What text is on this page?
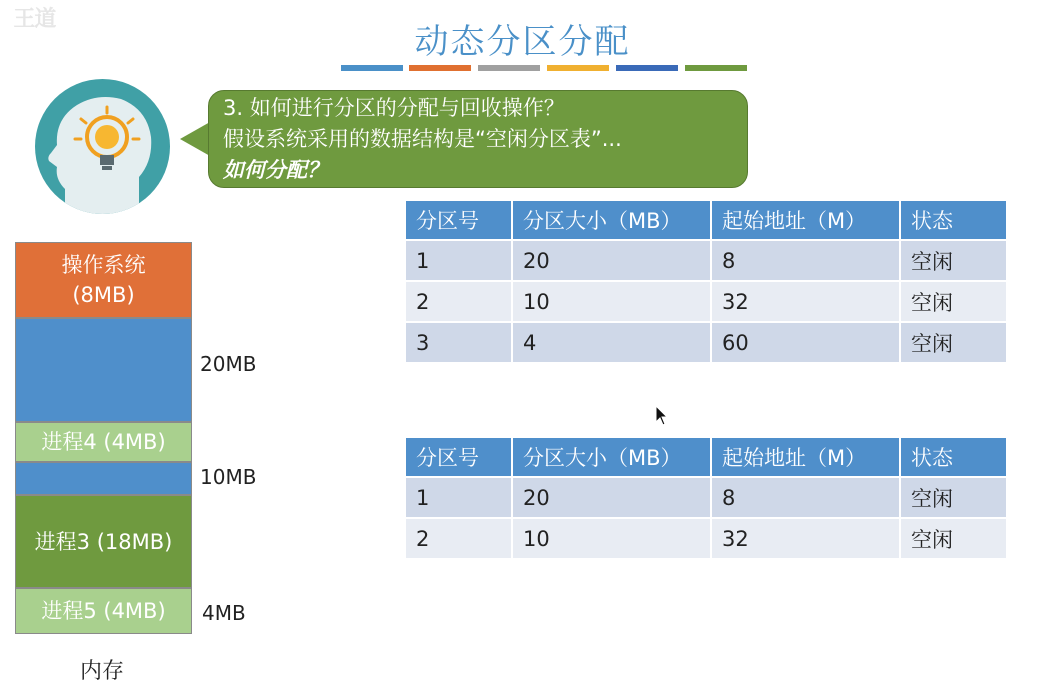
王道
动态分区分配
3. 如何进行分区的分配与回收操作？
假设系统采用的数据结构是“空闲分区表”...
如何分配？
操作系统
(8MB)
进程4 (4MB)
进程3 (18MB)
进程5 (4MB)
20MB
10MB
4MB
内存
分区号	分区大小（MB）	起始地址（M）	状态
1	20	8	空闲
2	10	32	空闲
3	4	60	空闲
分区号	分区大小（MB）	起始地址（M）	状态
1	20	8	空闲
2	10	32	空闲
